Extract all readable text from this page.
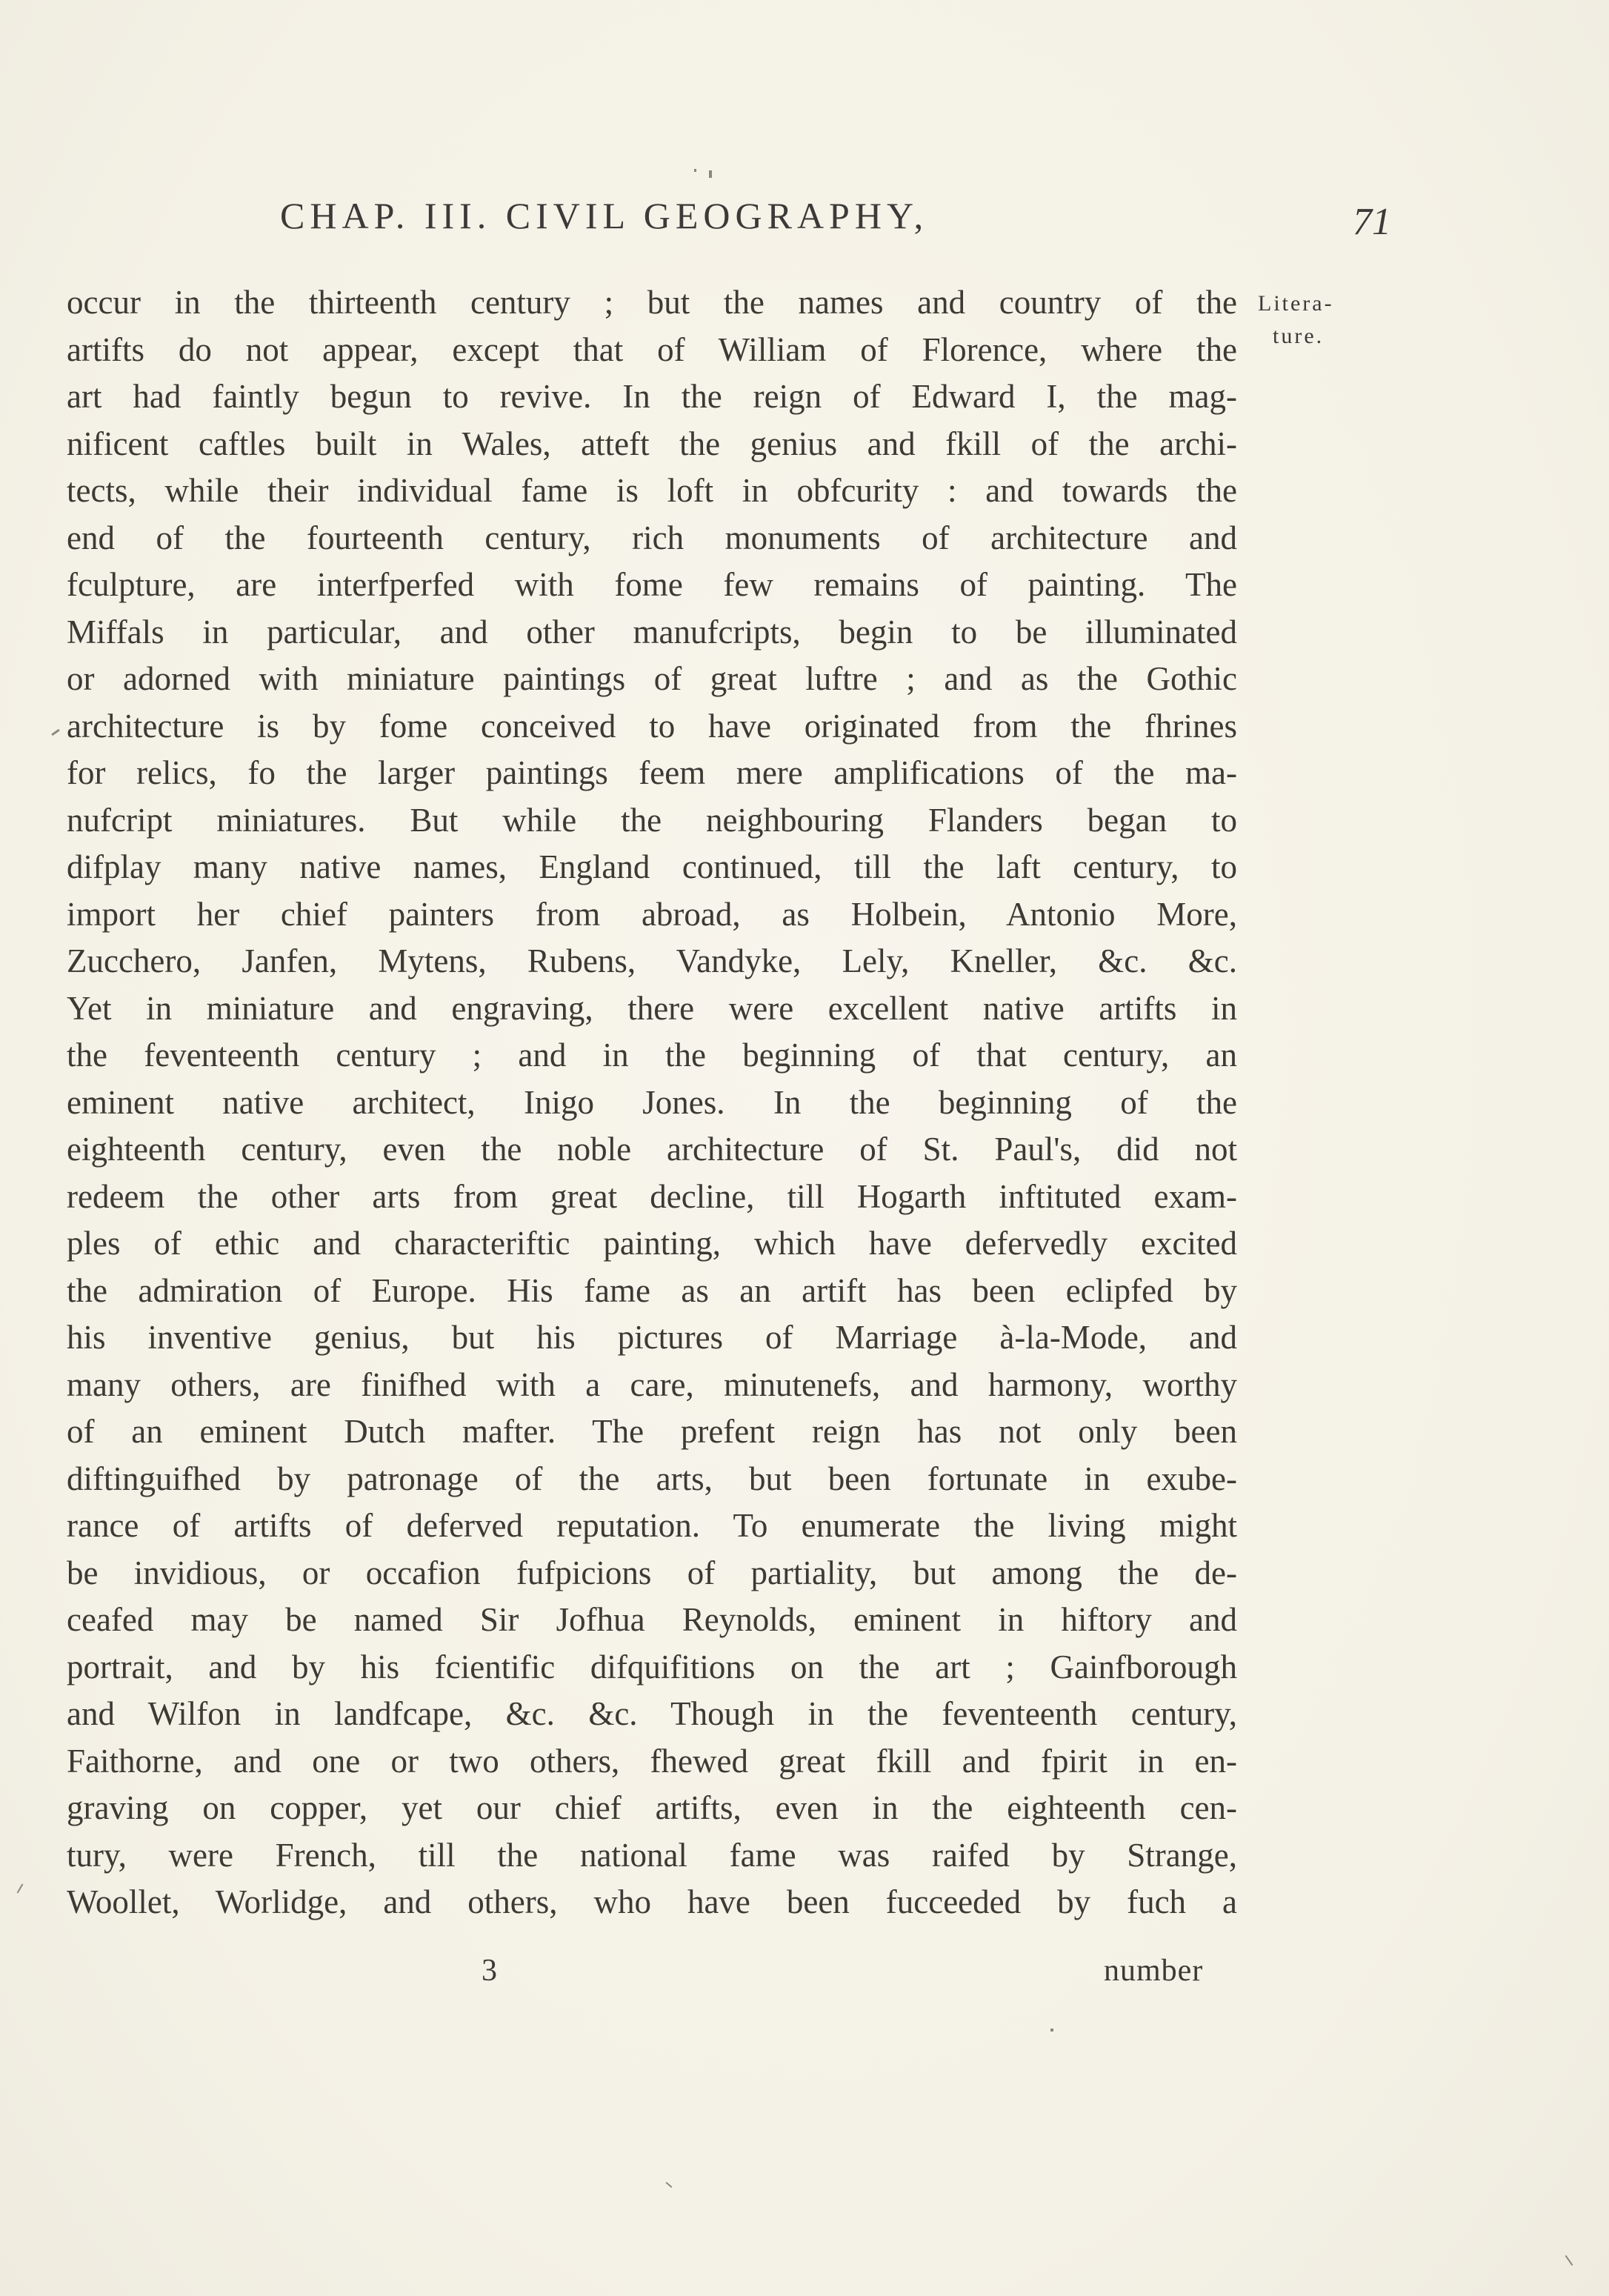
CHAP. III. CIVIL GEOGRAPHY,	71
Litera-
ture.
occur in the thirteenth century ; but the names and country of the
artifts do not appear, except that of William of Florence, where the
art had faintly begun to revive. In the reign of Edward I, the mag-
nificent caftles built in Wales, atteft the genius and fkill of the archi-
tects, while their individual fame is loft in obfcurity : and towards the
end of the fourteenth century, rich monuments of architecture and
fculpture, are interfperfed with fome few remains of painting. The
Miffals in particular, and other manufcripts, begin to be illuminated
or adorned with miniature paintings of great luftre ; and as the Gothic
architecture is by fome conceived to have originated from the fhrines
for relics, fo the larger paintings feem mere amplifications of the ma-
nufcript miniatures. But while the neighbouring Flanders began to
difplay many native names, England continued, till the laft century, to
import her chief painters from abroad, as Holbein, Antonio More,
Zucchero, Janfen, Mytens, Rubens, Vandyke, Lely, Kneller, &c. &c.
Yet in miniature and engraving, there were excellent native artifts in
the feventeenth century ; and in the beginning of that century, an
eminent native architect, Inigo Jones. In the beginning of the
eighteenth century, even the noble architecture of St. Paul's, did not
redeem the other arts from great decline, till Hogarth inftituted exam-
ples of ethic and characteriftic painting, which have defervedly excited
the admiration of Europe. His fame as an artift has been eclipfed by
his inventive genius, but his pictures of Marriage à-la-Mode, and
many others, are finifhed with a care, minutenefs, and harmony, worthy
of an eminent Dutch mafter. The prefent reign has not only been
diftinguifhed by patronage of the arts, but been fortunate in exube-
rance of artifts of deferved reputation. To enumerate the living might
be invidious, or occafion fufpicions of partiality, but among the de-
ceafed may be named Sir Jofhua Reynolds, eminent in hiftory and
portrait, and by his fcientific difquifitions on the art ; Gainfborough
and Wilfon in landfcape, &c. &c. Though in the feventeenth century,
Faithorne, and one or two others, fhewed great fkill and fpirit in en-
graving on copper, yet our chief artifts, even in the eighteenth cen-
tury, were French, till the national fame was raifed by Strange,
Woollet, Worlidge, and others, who have been fucceeded by fuch a
3	number
